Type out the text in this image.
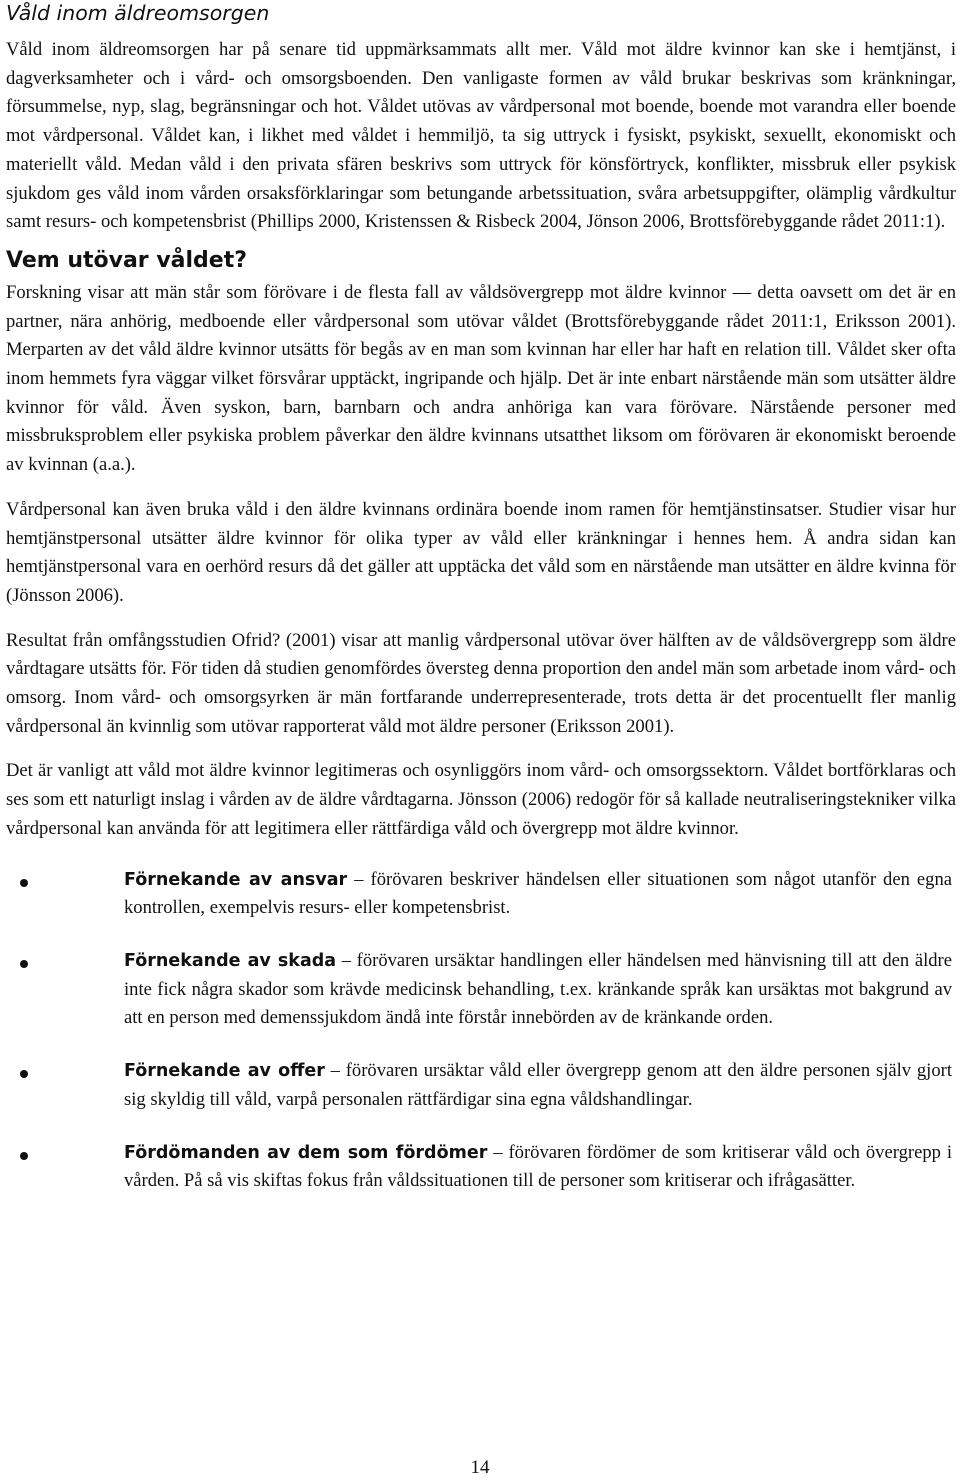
Våld inom äldreomsorgen

Våld inom äldreomsorgen har på senare tid uppmärksammats allt mer. Våld mot äldre kvinnor kan ske i hemtjänst, i dagverksamheter och i vård- och omsorgsboenden. Den vanligaste formen av våld brukar beskrivas som kränkningar, försummelse, nyp, slag, begränsningar och hot. Våldet utövas av vårdpersonal mot boende, boende mot varandra eller boende mot vårdpersonal. Våldet kan, i likhet med våldet i hemmiljö, ta sig uttryck i fysiskt, psykiskt, sexuellt, ekonomiskt och materiellt våld. Medan våld i den privata sfären beskrivs som uttryck för könsförtryck, konflikter, missbruk eller psykisk sjukdom ges våld inom vården orsaksförklaringar som betungande arbetssituation, svåra arbetsuppgifter, olämplig vårdkultur samt resurs- och kompetensbrist (Phillips 2000, Kristenssen & Risbeck 2004, Jönson 2006, Brottsförebyggande rådet 2011:1).

Vem utövar våldet?

Forskning visar att män står som förövare i de flesta fall av våldsövergrepp mot äldre kvinnor — detta oavsett om det är en partner, nära anhörig, medboende eller vårdpersonal som utövar våldet (Brottsförebyggande rådet 2011:1, Eriksson 2001). Merparten av det våld äldre kvinnor utsätts för begås av en man som kvinnan har eller har haft en relation till. Våldet sker ofta inom hemmets fyra väggar vilket försvårar upptäckt, ingripande och hjälp. Det är inte enbart närstående män som utsätter äldre kvinnor för våld. Även syskon, barn, barnbarn och andra anhöriga kan vara förövare. Närstående personer med missbruksproblem eller psykiska problem påverkar den äldre kvinnans utsatthet liksom om förövaren är ekonomiskt beroende av kvinnan (a.a.).

Vårdpersonal kan även bruka våld i den äldre kvinnans ordinära boende inom ramen för hemtjänstinsatser. Studier visar hur hemtjänstpersonal utsätter äldre kvinnor för olika typer av våld eller kränkningar i hennes hem. Å andra sidan kan hemtjänstpersonal vara en oerhörd resurs då det gäller att upptäcka det våld som en närstående man utsätter en äldre kvinna för (Jönsson 2006).

Resultat från omfångsstudien Ofrid? (2001) visar att manlig vårdpersonal utövar över hälften av de våldsövergrepp som äldre vårdtagare utsätts för. För tiden då studien genomfördes översteg denna proportion den andel män som arbetade inom vård- och omsorg. Inom vård- och omsorgsyrken är män fortfarande underrepresenterade, trots detta är det procentuellt fler manlig vårdpersonal än kvinnlig som utövar rapporterat våld mot äldre personer (Eriksson 2001).

Det är vanligt att våld mot äldre kvinnor legitimeras och osynliggörs inom vård- och omsorgssektorn. Våldet bortförklaras och ses som ett naturligt inslag i vården av de äldre vårdtagarna. Jönsson (2006) redogör för så kallade neutraliseringstekniker vilka vårdpersonal kan använda för att legitimera eller rättfärdiga våld och övergrepp mot äldre kvinnor.

Förnekande av ansvar – förövaren beskriver händelsen eller situationen som något utanför den egna kontrollen, exempelvis resurs- eller kompetensbrist.
Förnekande av skada – förövaren ursäktar handlingen eller händelsen med hänvisning till att den äldre inte fick några skador som krävde medicinsk behandling, t.ex. kränkande språk kan ursäktas mot bakgrund av att en person med demenssjukdom ändå inte förstår innebörden av de kränkande orden.
Förnekande av offer – förövaren ursäktar våld eller övergrepp genom att den äldre personen själv gjort sig skyldig till våld, varpå personalen rättfärdigar sina egna våldshandlingar.
Fördömanden av dem som fördömer – förövaren fördömer de som kritiserar våld och övergrepp i vården. På så vis skiftas fokus från våldssituationen till de personer som kritiserar och ifrågasätter.
14
